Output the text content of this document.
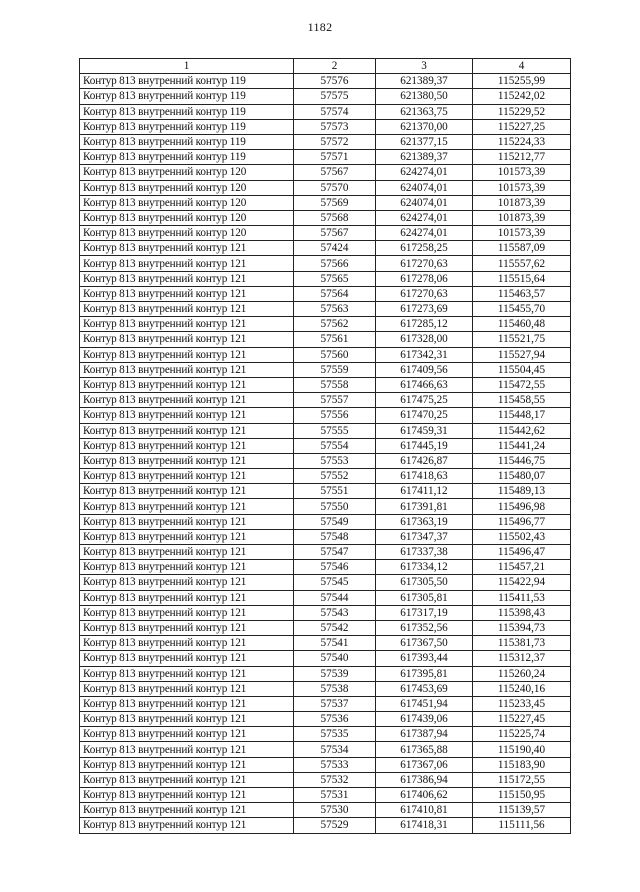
1182
1	2	3	4
Контур 813 внутренний контур 119	57576	621389,37	115255,99
Контур 813 внутренний контур 119	57575	621380,50	115242,02
Контур 813 внутренний контур 119	57574	621363,75	115229,52
Контур 813 внутренний контур 119	57573	621370,00	115227,25
Контур 813 внутренний контур 119	57572	621377,15	115224,33
Контур 813 внутренний контур 119	57571	621389,37	115212,77
Контур 813 внутренний контур 120	57567	624274,01	101573,39
Контур 813 внутренний контур 120	57570	624074,01	101573,39
Контур 813 внутренний контур 120	57569	624074,01	101873,39
Контур 813 внутренний контур 120	57568	624274,01	101873,39
Контур 813 внутренний контур 120	57567	624274,01	101573,39
Контур 813 внутренний контур 121	57424	617258,25	115587,09
Контур 813 внутренний контур 121	57566	617270,63	115557,62
Контур 813 внутренний контур 121	57565	617278,06	115515,64
Контур 813 внутренний контур 121	57564	617270,63	115463,57
Контур 813 внутренний контур 121	57563	617273,69	115455,70
Контур 813 внутренний контур 121	57562	617285,12	115460,48
Контур 813 внутренний контур 121	57561	617328,00	115521,75
Контур 813 внутренний контур 121	57560	617342,31	115527,94
Контур 813 внутренний контур 121	57559	617409,56	115504,45
Контур 813 внутренний контур 121	57558	617466,63	115472,55
Контур 813 внутренний контур 121	57557	617475,25	115458,55
Контур 813 внутренний контур 121	57556	617470,25	115448,17
Контур 813 внутренний контур 121	57555	617459,31	115442,62
Контур 813 внутренний контур 121	57554	617445,19	115441,24
Контур 813 внутренний контур 121	57553	617426,87	115446,75
Контур 813 внутренний контур 121	57552	617418,63	115480,07
Контур 813 внутренний контур 121	57551	617411,12	115489,13
Контур 813 внутренний контур 121	57550	617391,81	115496,98
Контур 813 внутренний контур 121	57549	617363,19	115496,77
Контур 813 внутренний контур 121	57548	617347,37	115502,43
Контур 813 внутренний контур 121	57547	617337,38	115496,47
Контур 813 внутренний контур 121	57546	617334,12	115457,21
Контур 813 внутренний контур 121	57545	617305,50	115422,94
Контур 813 внутренний контур 121	57544	617305,81	115411,53
Контур 813 внутренний контур 121	57543	617317,19	115398,43
Контур 813 внутренний контур 121	57542	617352,56	115394,73
Контур 813 внутренний контур 121	57541	617367,50	115381,73
Контур 813 внутренний контур 121	57540	617393,44	115312,37
Контур 813 внутренний контур 121	57539	617395,81	115260,24
Контур 813 внутренний контур 121	57538	617453,69	115240,16
Контур 813 внутренний контур 121	57537	617451,94	115233,45
Контур 813 внутренний контур 121	57536	617439,06	115227,45
Контур 813 внутренний контур 121	57535	617387,94	115225,74
Контур 813 внутренний контур 121	57534	617365,88	115190,40
Контур 813 внутренний контур 121	57533	617367,06	115183,90
Контур 813 внутренний контур 121	57532	617386,94	115172,55
Контур 813 внутренний контур 121	57531	617406,62	115150,95
Контур 813 внутренний контур 121	57530	617410,81	115139,57
Контур 813 внутренний контур 121	57529	617418,31	115111,56
